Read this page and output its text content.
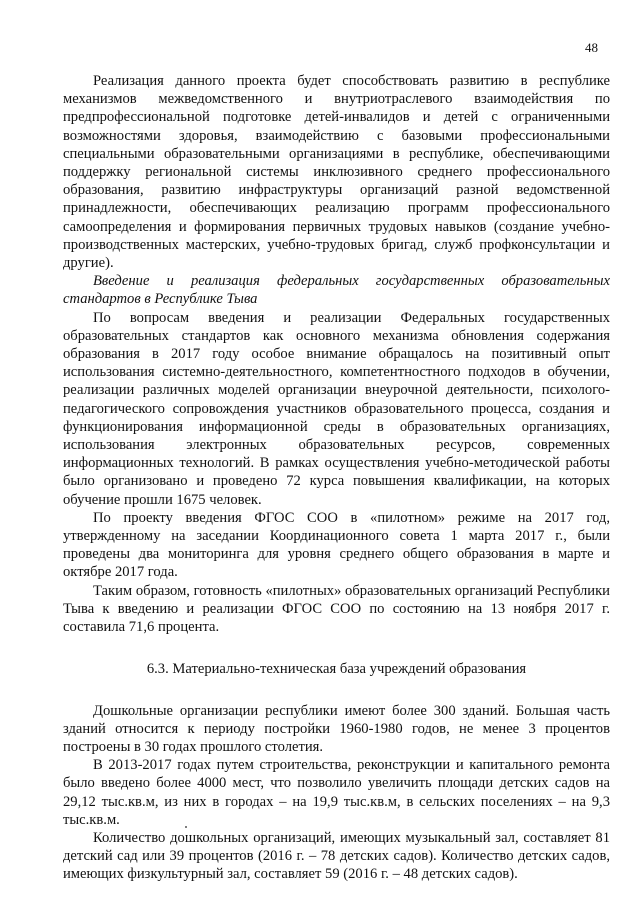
48

Реализация данного проекта будет способствовать развитию в республике механизмов межведомственного и внутриотраслевого взаимодействия по предпрофессиональной подготовке детей-инвалидов и детей с ограниченными возможностями здоровья, взаимодействию с базовыми профессиональными специальными образовательными организациями в республике, обеспечивающими поддержку региональной системы инклюзивного среднего профессионального образования, развитию инфраструктуры организаций разной ведомственной принадлежности, обеспечивающих реализацию программ профессионального самоопределения и формирования первичных трудовых навыков (создание учебно-производственных мастерских, учебно-трудовых бригад, служб профконсультации и другие).

Введение и реализация федеральных государственных образовательных стандартов в Республике Тыва

По вопросам введения и реализации Федеральных государственных образовательных стандартов как основного механизма обновления содержания образования в 2017 году особое внимание обращалось на позитивный опыт использования системно-деятельностного, компетентностного подходов в обучении, реализации различных моделей организации внеурочной деятельности, психолого-педагогического сопровождения участников образовательного процесса, создания и функционирования информационной среды в образовательных организациях, использования электронных образовательных ресурсов, современных информационных технологий. В рамках осуществления учебно-методической работы было организовано и проведено 72 курса повышения квалификации, на которых обучение прошли 1675 человек.

По проекту введения ФГОС СОО в «пилотном» режиме на 2017 год, утвержденному на заседании Координационного совета 1 марта 2017 г., были проведены два мониторинга для уровня среднего общего образования в марте и октябре 2017 года.

Таким образом, готовность «пилотных» образовательных организаций Республики Тыва к введению и реализации ФГОС СОО по состоянию на 13 ноября 2017 г. составила 71,6 процента.

6.3. Материально-техническая база учреждений образования

Дошкольные организации республики имеют более 300 зданий. Большая часть зданий относится к периоду постройки 1960-1980 годов, не менее 3 процентов построены в 30 годах прошлого столетия.

В 2013-2017 годах путем строительства, реконструкции и капитального ремонта было введено более 4000 мест, что позволило увеличить площади детских садов на 29,12 тыс.кв.м, из них в городах – на 19,9 тыс.кв.м, в сельских поселениях – на 9,3 тыс.кв.м.

Количество дошкольных организаций, имеющих музыкальный зал, составляет 81 детский сад или 39 процентов (2016 г. – 78 детских садов). Количество детских садов, имеющих физкультурный зал, составляет 59 (2016 г. – 48 детских садов).
